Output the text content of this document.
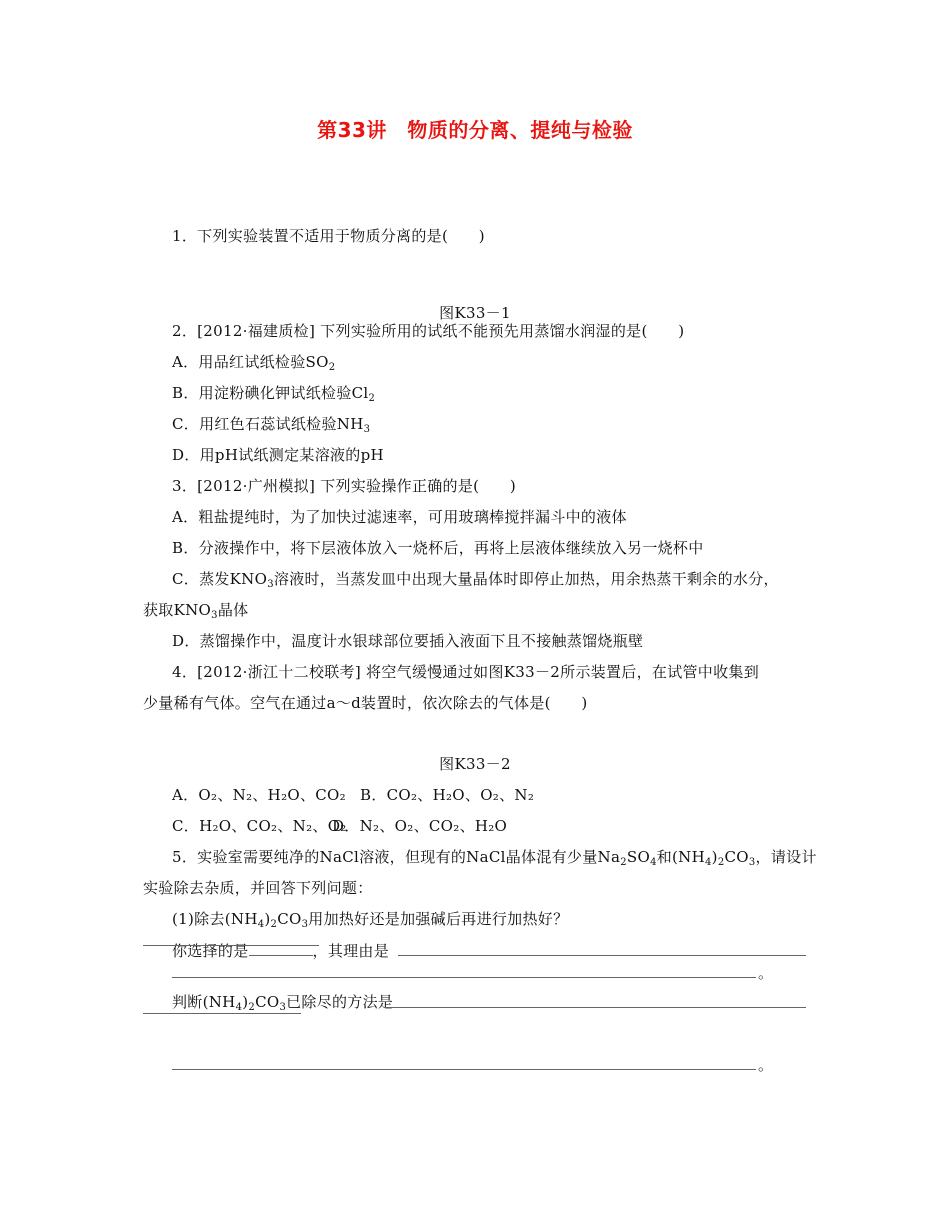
第33讲　物质的分离、提纯与检验
1．下列实验装置不适用于物质分离的是(　　)
图K33－1
2．[2012·福建质检] 下列实验所用的试纸不能预先用蒸馏水润湿的是(　　)
A．用品红试纸检验$SO_2$
B．用淀粉碘化钾试纸检验$Cl_2$
C．用红色石蕊试纸检验$NH_3$
D．用pH试纸测定某溶液的pH
3．[2012·广州模拟] 下列实验操作正确的是(　　)
A．粗盐提纯时，为了加快过滤速率，可用玻璃棒搅拌漏斗中的液体
B．分液操作中，将下层液体放入一烧杯后，再将上层液体继续放入另一烧杯中
C．蒸发$KNO_3$溶液时，当蒸发皿中出现大量晶体时即停止加热，用余热蒸干剩余的水分，
获取$KNO_3$晶体
D．蒸馏操作中，温度计水银球部位要插入液面下且不接触蒸馏烧瓶壁
4．[2012·浙江十二校联考] 将空气缓慢通过如图K33－2所示装置后，在试管中收集到
少量稀有气体。空气在通过a～d装置时，依次除去的气体是(　　)
图K33－2
A．O₂、N₂、H₂O、CO₂ B．CO₂、H₂O、O₂、N₂
C．H₂O、CO₂、N₂、O₂
D．N₂、O₂、CO₂、H₂O
5．实验室需要纯净的NaCl溶液，但现有的NaCl晶体混有少量$Na_2SO_4$和$(NH_4)_2CO_3$，请设计
实验除去杂质，并回答下列问题：
(1)除去$(NH_4)_2CO_3$用加热好还是加强碱后再进行加热好？
你选择的是	，其理由是
。
判断$(NH_4)_2CO_3$已除尽的方法是
。
